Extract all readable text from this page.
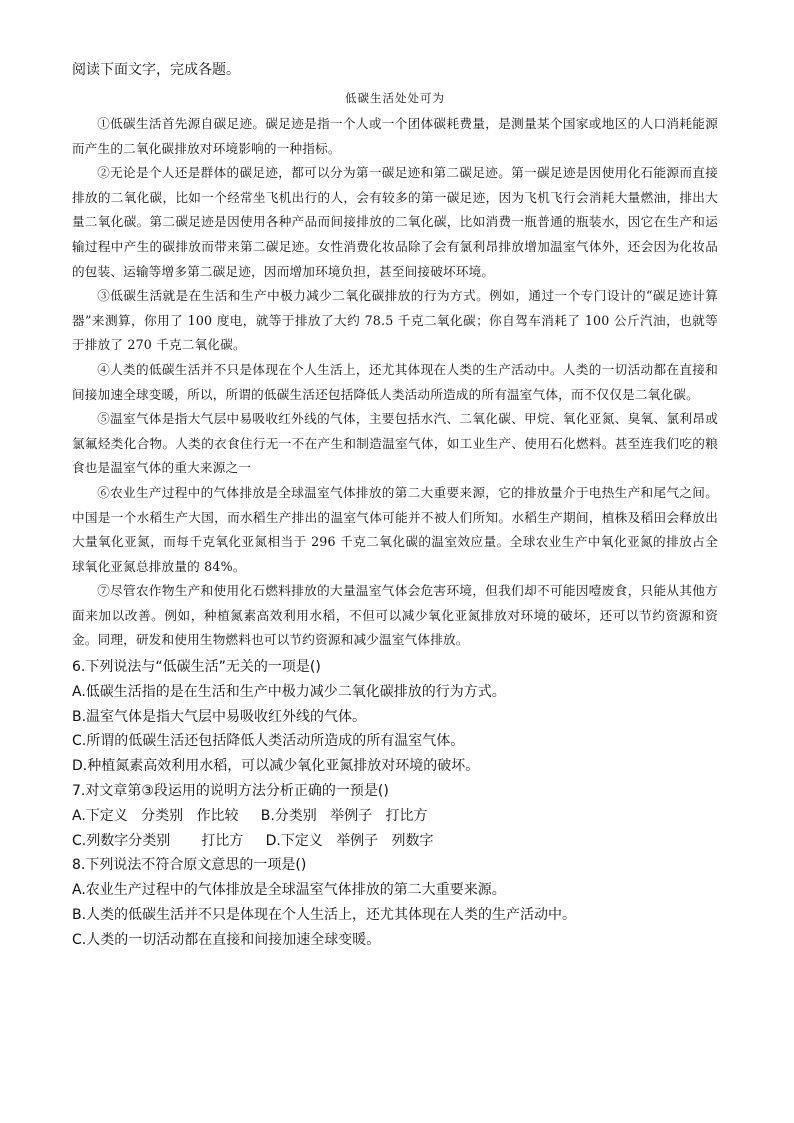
阅读下面文字，完成各题。

低碳生活处处可为

①低碳生活首先源自碳足迹。碳足迹是指一个人或一个团体碳耗费量，是测量某个国家或地区的人口消耗能源而产生的二氧化碳排放对环境影响的一种指标。

②无论是个人还是群体的碳足迹，都可以分为第一碳足迹和第二碳足迹。第一碳足迹是因使用化石能源而直接排放的二氧化碳，比如一个经常坐飞机出行的人，会有较多的第一碳足迹，因为飞机飞行会消耗大量燃油，排出大量二氧化碳。第二碳足迹是因使用各种产品而间接排放的二氧化碳，比如消费一瓶普通的瓶装水，因它在生产和运输过程中产生的碳排放而带来第二碳足迹。女性消费化妆品除了会有氯利昂排放增加温室气体外，还会因为化妆品的包装、运输等增多第二碳足迹，因而增加环境负担，甚至间接破坏环境。

③低碳生活就是在生活和生产中极力减少二氧化碳排放的行为方式。例如，通过一个专门设计的“碳足迹计算器”来测算，你用了 100 度电，就等于排放了大约 78.5 千克二氧化碳；你自驾车消耗了 100 公斤汽油，也就等于排放了 270 千克二氧化碳。

④人类的低碳生活并不只是体现在个人生活上，还尤其体现在人类的生产活动中。人类的一切活动都在直接和间接加速全球变暖，所以，所谓的低碳生活还包括降低人类活动所造成的所有温室气体，而不仅仅是二氧化碳。

⑤温室气体是指大气层中易吸收红外线的气体，主要包括水汽、二氧化碳、甲烷、氧化亚氮、臭氧、氯利昂或氯氟烃类化合物。人类的衣食住行无一不在产生和制造温室气体，如工业生产、使用石化燃料。甚至连我们吃的粮食也是温室气体的重大来源之一

⑥农业生产过程中的气体排放是全球温室气体排放的第二大重要来源，它的排放量介于电热生产和尾气之间。中国是一个水稻生产大国，而水稻生产排出的温室气体可能并不被人们所知。水稻生产期间，植株及稻田会释放出大量氧化亚氮，而每千克氧化亚氮相当于 296 千克二氧化碳的温室效应量。全球农业生产中氧化亚氮的排放占全球氧化亚氮总排放量的 84%。

⑦尽管农作物生产和使用化石燃料排放的大量温室气体会危害环境，但我们却不可能因噎废食，只能从其他方面来加以改善。例如，种植氮素高效利用水稻，不但可以减少氧化亚氮排放对环境的破坏，还可以节约资源和资金。同理，研发和使用生物燃料也可以节约资源和减少温室气体排放。

6.下列说法与“低碳生活”无关的一项是()

A.低碳生活指的是在生活和生产中极力减少二氧化碳排放的行为方式。

B.温室气体是指大气层中易吸收红外线的气体。

C.所谓的低碳生活还包括降低人类活动所造成的所有温室气体。

D.种植氮素高效利用水稻，可以减少氧化亚氮排放对环境的破坏。

7.对文章第③段运用的说明方法分析正确的一预是()

A.下定义   分类别   作比较     B.分类别   举例子   打比方

C.列数字分类别       打比方     D.下定义   举例子   列数字

8.下列说法不符合原文意思的一项是()

A.农业生产过程中的气体排放是全球温室气体排放的第二大重要来源。

B.人类的低碳生活并不只是体现在个人生活上，还尤其体现在人类的生产活动中。

C.人类的一切活动都在直接和间接加速全球变暖。
